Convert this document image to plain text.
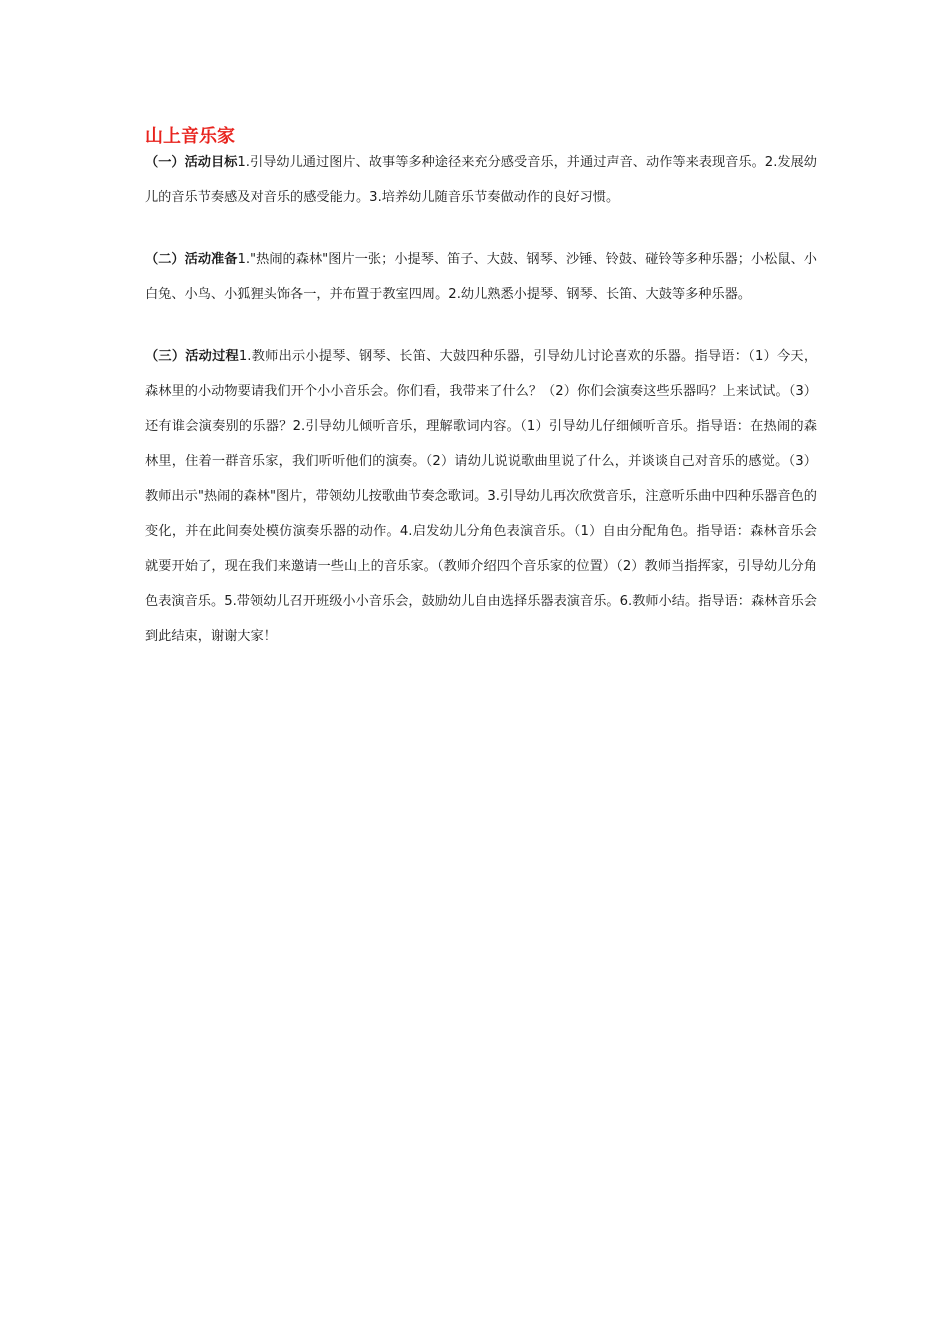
山上音乐家

（一）活动目标1.引导幼儿通过图片、故事等多种途径来充分感受音乐，并通过声音、动作等来表现音乐。2.发展幼儿的音乐节奏感及对音乐的感受能力。3.培养幼儿随音乐节奏做动作的良好习惯。

（二）活动准备1."热闹的森林"图片一张；小提琴、笛子、大鼓、钢琴、沙锤、铃鼓、碰铃等多种乐器；小松鼠、小白兔、小鸟、小狐狸头饰各一，并布置于教室四周。2.幼儿熟悉小提琴、钢琴、长笛、大鼓等多种乐器。

（三）活动过程1.教师出示小提琴、钢琴、长笛、大鼓四种乐器，引导幼儿讨论喜欢的乐器。指导语：（1）今天，森林里的小动物要请我们开个小小音乐会。你们看，我带来了什么？（2）你们会演奏这些乐器吗？上来试试。（3）还有谁会演奏别的乐器？2.引导幼儿倾听音乐，理解歌词内容。（1）引导幼儿仔细倾听音乐。指导语：在热闹的森林里，住着一群音乐家，我们听听他们的演奏。（2）请幼儿说说歌曲里说了什么，并谈谈自己对音乐的感觉。（3）教师出示"热闹的森林"图片，带领幼儿按歌曲节奏念歌词。3.引导幼儿再次欣赏音乐，注意听乐曲中四种乐器音色的变化，并在此间奏处模仿演奏乐器的动作。4.启发幼儿分角色表演音乐。（1）自由分配角色。指导语：森林音乐会就要开始了，现在我们来邀请一些山上的音乐家。（教师介绍四个音乐家的位置）（2）教师当指挥家，引导幼儿分角色表演音乐。5.带领幼儿召开班级小小音乐会，鼓励幼儿自由选择乐器表演音乐。6.教师小结。指导语：森林音乐会到此结束，谢谢大家！
